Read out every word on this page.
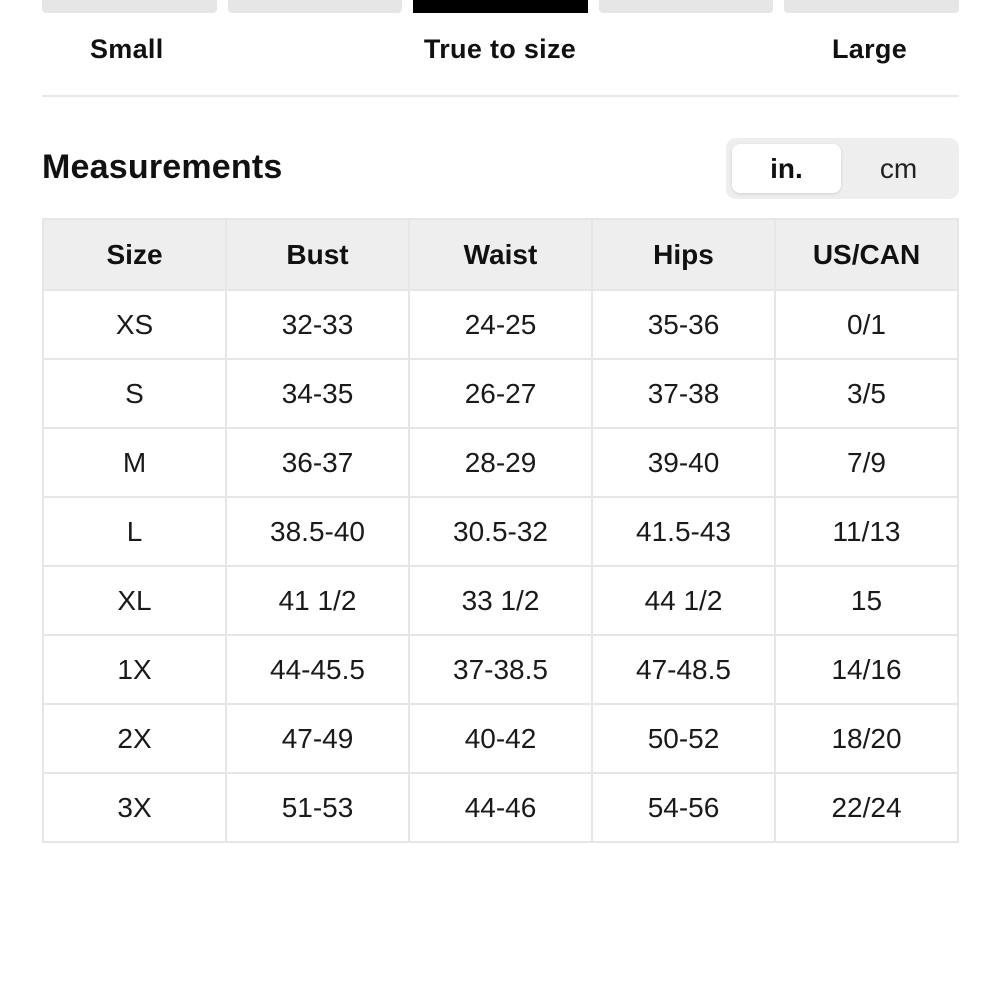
Small	True to size	Large
Measurements	in.	cm
Size	Bust	Waist	Hips	US/CAN
XS	32-33	24-25	35-36	0/1
S	34-35	26-27	37-38	3/5
M	36-37	28-29	39-40	7/9
L	38.5-40	30.5-32	41.5-43	11/13
XL	41 1/2	33 1/2	44 1/2	15
1X	44-45.5	37-38.5	47-48.5	14/16
2X	47-49	40-42	50-52	18/20
3X	51-53	44-46	54-56	22/24
